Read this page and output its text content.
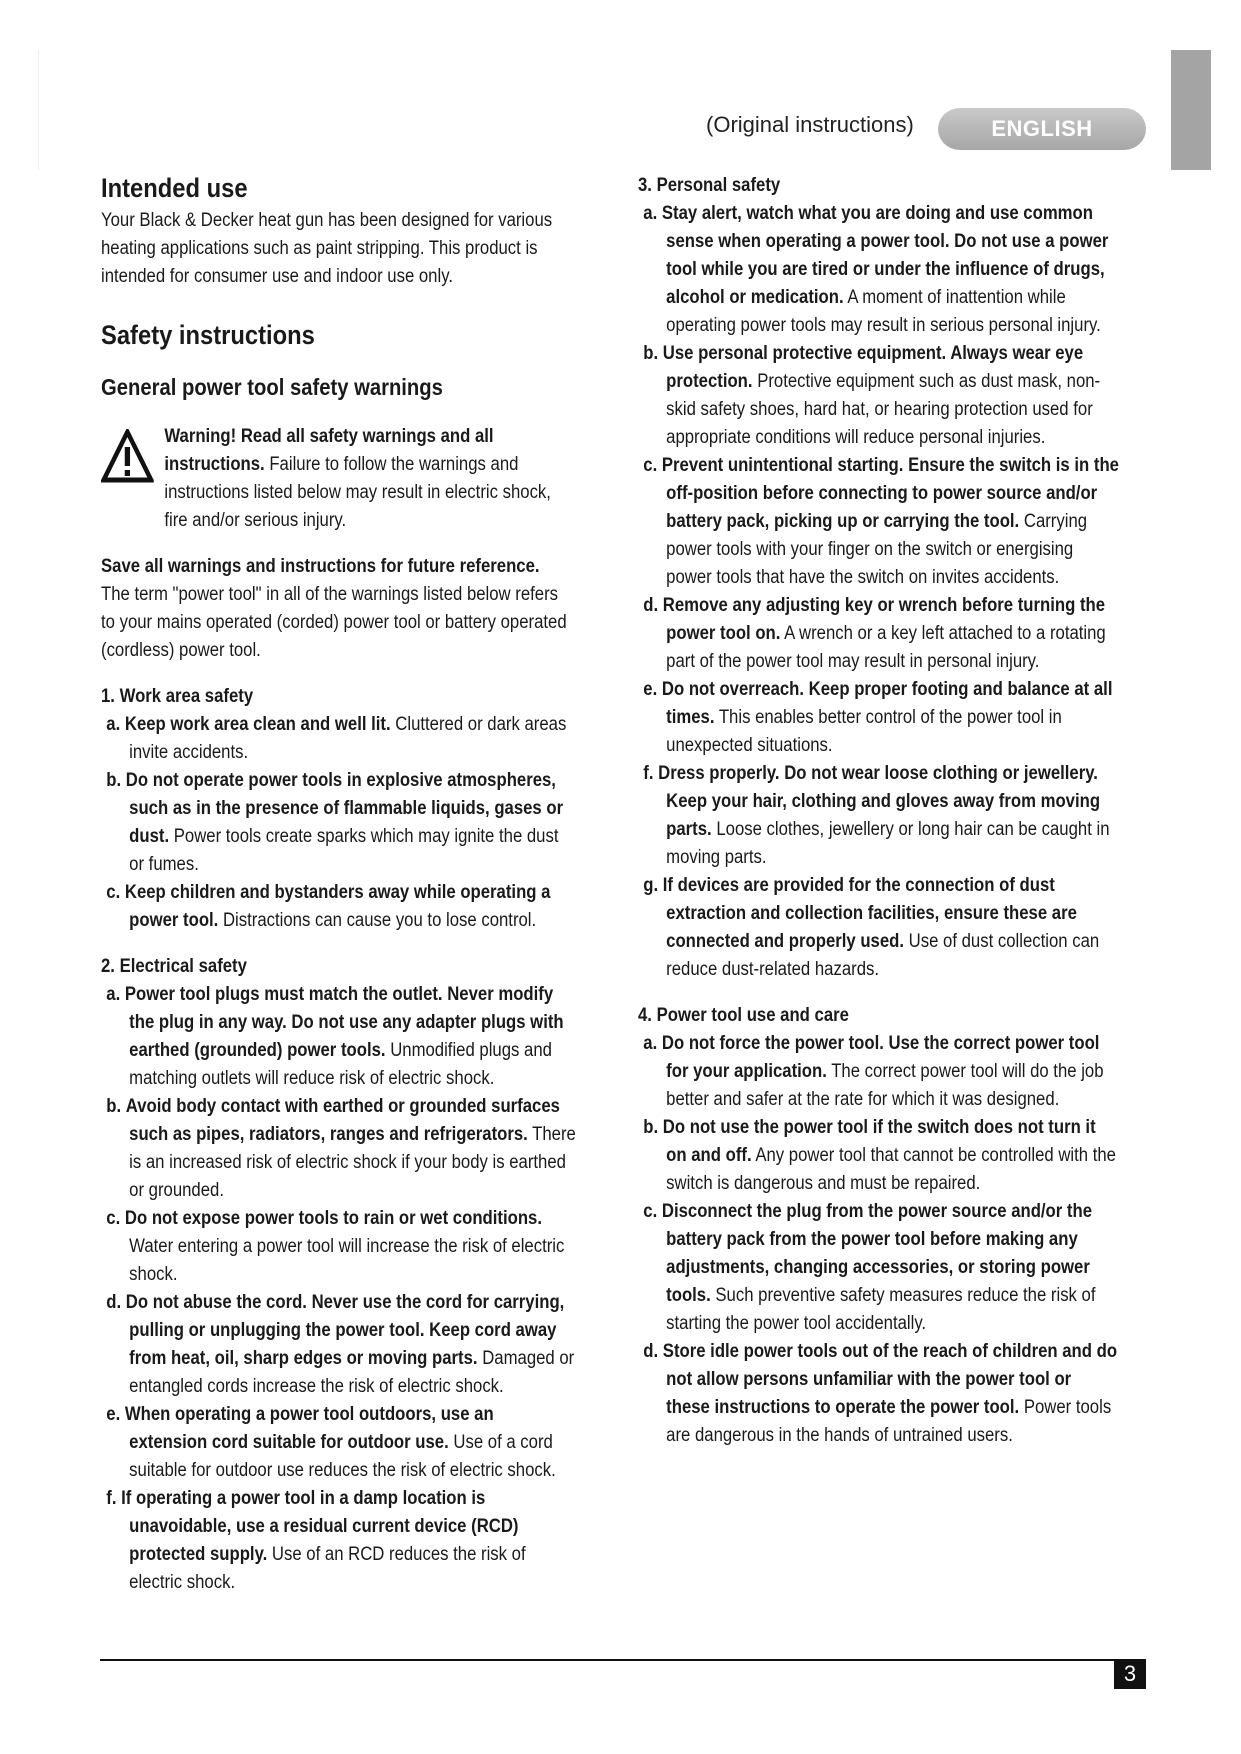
(Original instructions)	ENGLISH
Intended use

Your Black & Decker heat gun has been designed for various heating applications such as paint stripping. This product is intended for consumer use and indoor use only.

Safety instructions
General power tool safety warnings

Warning! Read all safety warnings and all instructions. Failure to follow the warnings and instructions listed below may result in electric shock, fire and/or serious injury.

Save all warnings and instructions for future reference.

The term "power tool" in all of the warnings listed below refers to your mains operated (corded) power tool or battery operated (cordless) power tool.

1. Work area safety

a. Keep work area clean and well lit. Cluttered or dark areas invite accidents.

b. Do not operate power tools in explosive atmospheres, such as in the presence of flammable liquids, gases or dust. Power tools create sparks which may ignite the dust or fumes.

c. Keep children and bystanders away while operating a power tool. Distractions can cause you to lose control.

2. Electrical safety

a. Power tool plugs must match the outlet. Never modify the plug in any way. Do not use any adapter plugs with earthed (grounded) power tools. Unmodified plugs and matching outlets will reduce risk of electric shock.

b. Avoid body contact with earthed or grounded surfaces such as pipes, radiators, ranges and refrigerators. There is an increased risk of electric shock if your body is earthed or grounded.

c. Do not expose power tools to rain or wet conditions. Water entering a power tool will increase the risk of electric shock.

d. Do not abuse the cord. Never use the cord for carrying, pulling or unplugging the power tool. Keep cord away from heat, oil, sharp edges or moving parts. Damaged or entangled cords increase the risk of electric shock.

e. When operating a power tool outdoors, use an extension cord suitable for outdoor use. Use of a cord suitable for outdoor use reduces the risk of electric shock.

f. If operating a power tool in a damp location is unavoidable, use a residual current device (RCD) protected supply. Use of an RCD reduces the risk of electric shock.

3. Personal safety

a. Stay alert, watch what you are doing and use common sense when operating a power tool. Do not use a power tool while you are tired or under the influence of drugs, alcohol or medication. A moment of inattention while operating power tools may result in serious personal injury.

b. Use personal protective equipment. Always wear eye protection. Protective equipment such as dust mask, non-skid safety shoes, hard hat, or hearing protection used for appropriate conditions will reduce personal injuries.

c. Prevent unintentional starting. Ensure the switch is in the off-position before connecting to power source and/or battery pack, picking up or carrying the tool. Carrying power tools with your finger on the switch or energising power tools that have the switch on invites accidents.

d. Remove any adjusting key or wrench before turning the power tool on. A wrench or a key left attached to a rotating part of the power tool may result in personal injury.

e. Do not overreach. Keep proper footing and balance at all times. This enables better control of the power tool in unexpected situations.

f. Dress properly. Do not wear loose clothing or jewellery. Keep your hair, clothing and gloves away from moving parts. Loose clothes, jewellery or long hair can be caught in moving parts.

g. If devices are provided for the connection of dust extraction and collection facilities, ensure these are connected and properly used. Use of dust collection can reduce dust-related hazards.

4. Power tool use and care

a. Do not force the power tool. Use the correct power tool for your application. The correct power tool will do the job better and safer at the rate for which it was designed.

b. Do not use the power tool if the switch does not turn it on and off. Any power tool that cannot be controlled with the switch is dangerous and must be repaired.

c. Disconnect the plug from the power source and/or the battery pack from the power tool before making any adjustments, changing accessories, or storing power tools. Such preventive safety measures reduce the risk of starting the power tool accidentally.

d. Store idle power tools out of the reach of children and do not allow persons unfamiliar with the power tool or these instructions to operate the power tool. Power tools are dangerous in the hands of untrained users.

3
